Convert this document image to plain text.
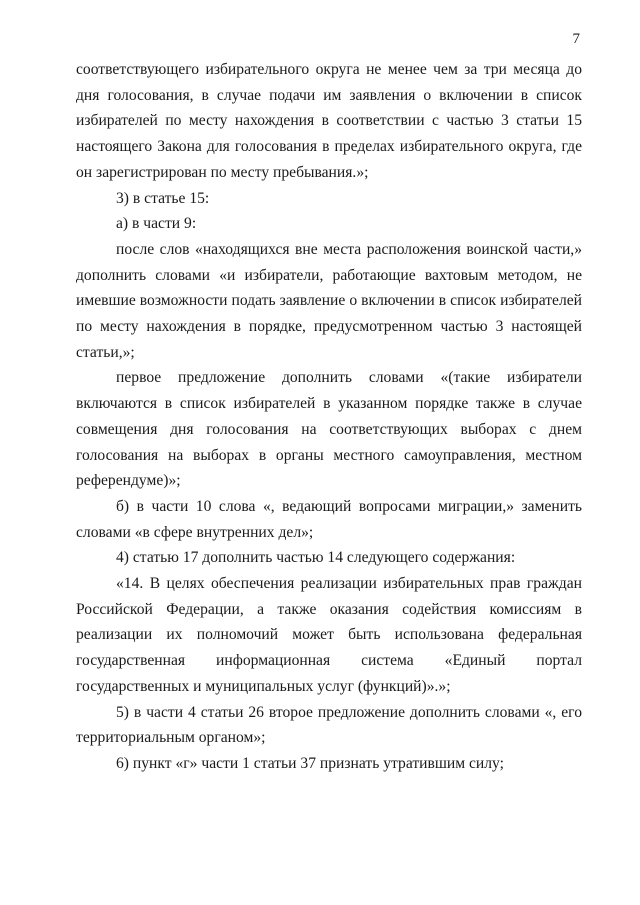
7

соответствующего избирательного округа не менее чем за три месяца до дня голосования, в случае подачи им заявления о включении в список избирателей по месту нахождения в соответствии с частью 3 статьи 15 настоящего Закона для голосования в пределах избирательного округа, где он зарегистрирован по месту пребывания.»;

3) в статье 15:

а) в части 9:

после слов «находящихся вне места расположения воинской части,» дополнить словами «и избиратели, работающие вахтовым методом, не имевшие возможности подать заявление о включении в список избирателей по месту нахождения в порядке, предусмотренном частью 3 настоящей статьи,»;

первое предложение дополнить словами «(такие избиратели включаются в список избирателей в указанном порядке также в случае совмещения дня голосования на соответствующих выборах с днем голосования на выборах в органы местного самоуправления, местном референдуме)»;

б) в части 10 слова «, ведающий вопросами миграции,» заменить словами «в сфере внутренних дел»;

4) статью 17 дополнить частью 14 следующего содержания:

«14. В целях обеспечения реализации избирательных прав граждан Российской Федерации, а также оказания содействия комиссиям в реализации их полномочий может быть использована федеральная государственная информационная система «Единый портал государственных и муниципальных услуг (функций)».»;

5) в части 4 статьи 26 второе предложение дополнить словами «, его территориальным органом»;

6) пункт «г» части 1 статьи 37 признать утратившим силу;
